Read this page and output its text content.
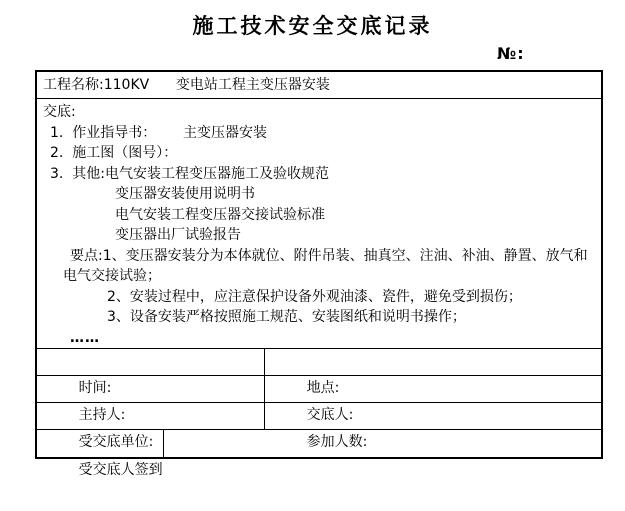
施工技术安全交底记录
№:
工程名称:110KV      变电站工程主变压器安装
交底:
1.  作业指导书：      主变压器安装
2.  施工图（图号）：
3.  其他:电气安装工程变压器施工及验收规范
变压器安装使用说明书
电气安装工程变压器交接试验标准
变压器出厂试验报告
要点:1、变压器安装分为本体就位、附件吊装、抽真空、注油、补油、静置、放气和
电气交接试验；
2、安装过程中，应注意保护设备外观油漆、瓷件，避免受到损伤；
3、设备安装严格按照施工规范、安装图纸和说明书操作；
……

时间:
	地点:

主持人:
	交底人:

受交底单位:
	参加人数:

受交底人签到
